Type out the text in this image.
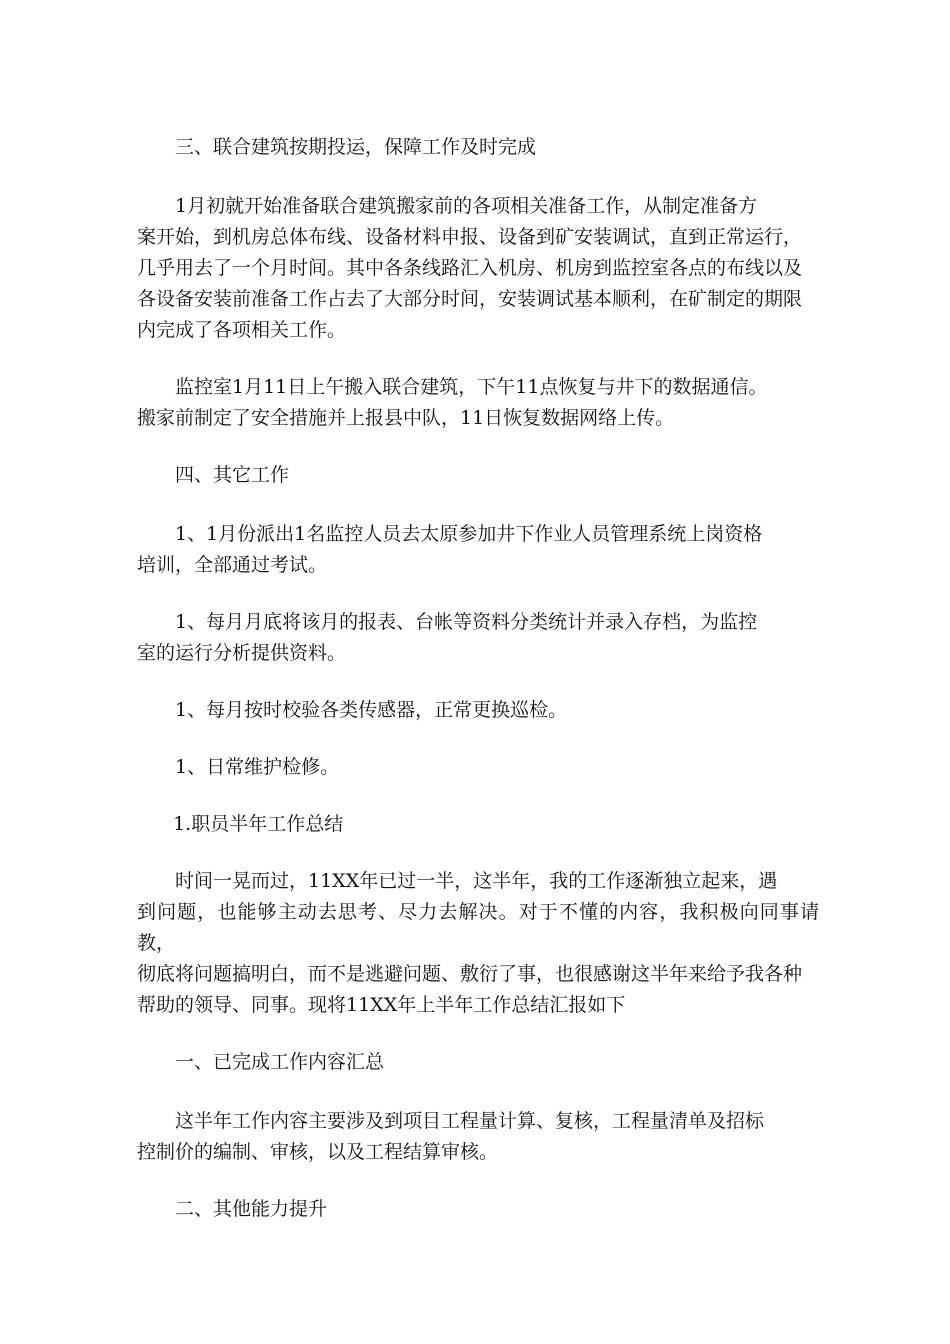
三、联合建筑按期投运，保障工作及时完成

1月初就开始准备联合建筑搬家前的各项相关准备工作，从制定准备方
案开始，到机房总体布线、设备材料申报、设备到矿安装调试，直到正常运行，
几乎用去了一个月时间。其中各条线路汇入机房、机房到监控室各点的布线以及
各设备安装前准备工作占去了大部分时间，安装调试基本顺利，在矿制定的期限
内完成了各项相关工作。

监控室1月11日上午搬入联合建筑，下午11点恢复与井下的数据通信。
搬家前制定了安全措施并上报县中队，11日恢复数据网络上传。

四、其它工作

1、1月份派出1名监控人员去太原参加井下作业人员管理系统上岗资格
培训，全部通过考试。

1、每月月底将该月的报表、台帐等资料分类统计并录入存档，为监控
室的运行分析提供资料。

1、每月按时校验各类传感器，正常更换巡检。

1、日常维护检修。

1.职员半年工作总结

时间一晃而过，11XX年已过一半，这半年，我的工作逐渐独立起来，遇
到问题，也能够主动去思考、尽力去解决。对于不懂的内容，我积极向同事请教，
彻底将问题搞明白，而不是逃避问题、敷衍了事，也很感谢这半年来给予我各种
帮助的领导、同事。现将11XX年上半年工作总结汇报如下

一、已完成工作内容汇总

这半年工作内容主要涉及到项目工程量计算、复核，工程量清单及招标
控制价的编制、审核，以及工程结算审核。

二、其他能力提升
